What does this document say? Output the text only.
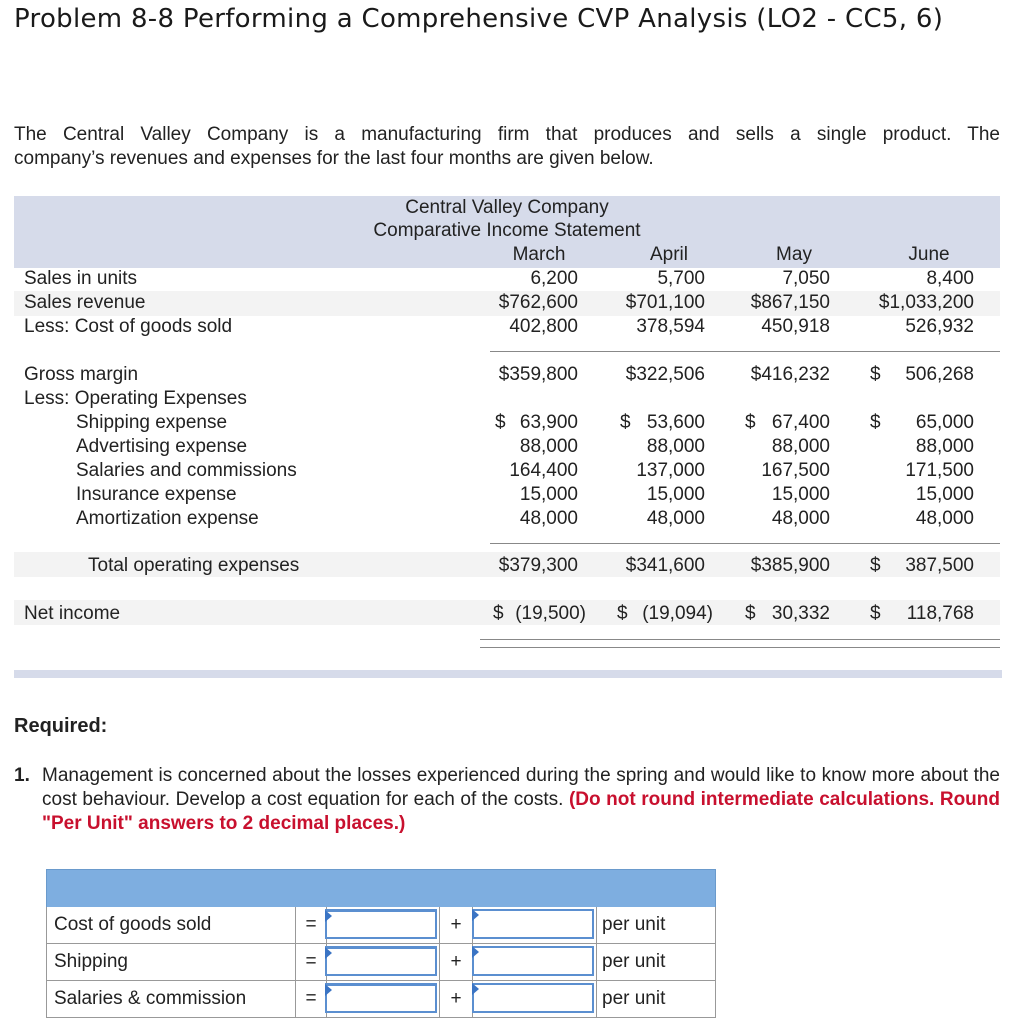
Problem 8-8 Performing a Comprehensive CVP Analysis (LO2 - CC5, 6)
The Central Valley Company is a manufacturing firm that produces and sells a single product. The
company’s revenues and expenses for the last four months are given below.
Central Valley Company
Comparative Income Statement
March	April	May	June
Sales in units	6,200	5,700	7,050	8,400
Sales revenue	$762,600	$701,100 $867,150	$1,033,200
Less: Cost of goods sold	402,800	378,594	450,918	526,932
Gross margin	$359,800	$322,506 $416,232 $ 506,268
Less: Operating Expenses
Shipping expense	$ 63,900 $ 53,600 $ 67,400 $ 65,000
Advertising expense	88,000	88,000	88,000	88,000
Salaries and commissions	164,400	137,000	167,500	171,500
Insurance expense	15,000	15,000	15,000	15,000
Amortization expense	48,000	48,000	48,000	48,000
Total operating expenses	$379,300	$341,600 $385,900 $ 387,500
Net income	$ (19,500) $ (19,094) $ 30,332 $ 118,768
Required:
1. Management is concerned about the losses experienced during the spring and would like to know more about the cost behaviour. Develop a cost equation for each of the costs. (Do not round intermediate calculations. Round "Per Unit" answers to 2 decimal places.)
Cost of goods sold	=	+	per unit
Shipping	=	+	per unit
Salaries & commission	=	+	per unit
